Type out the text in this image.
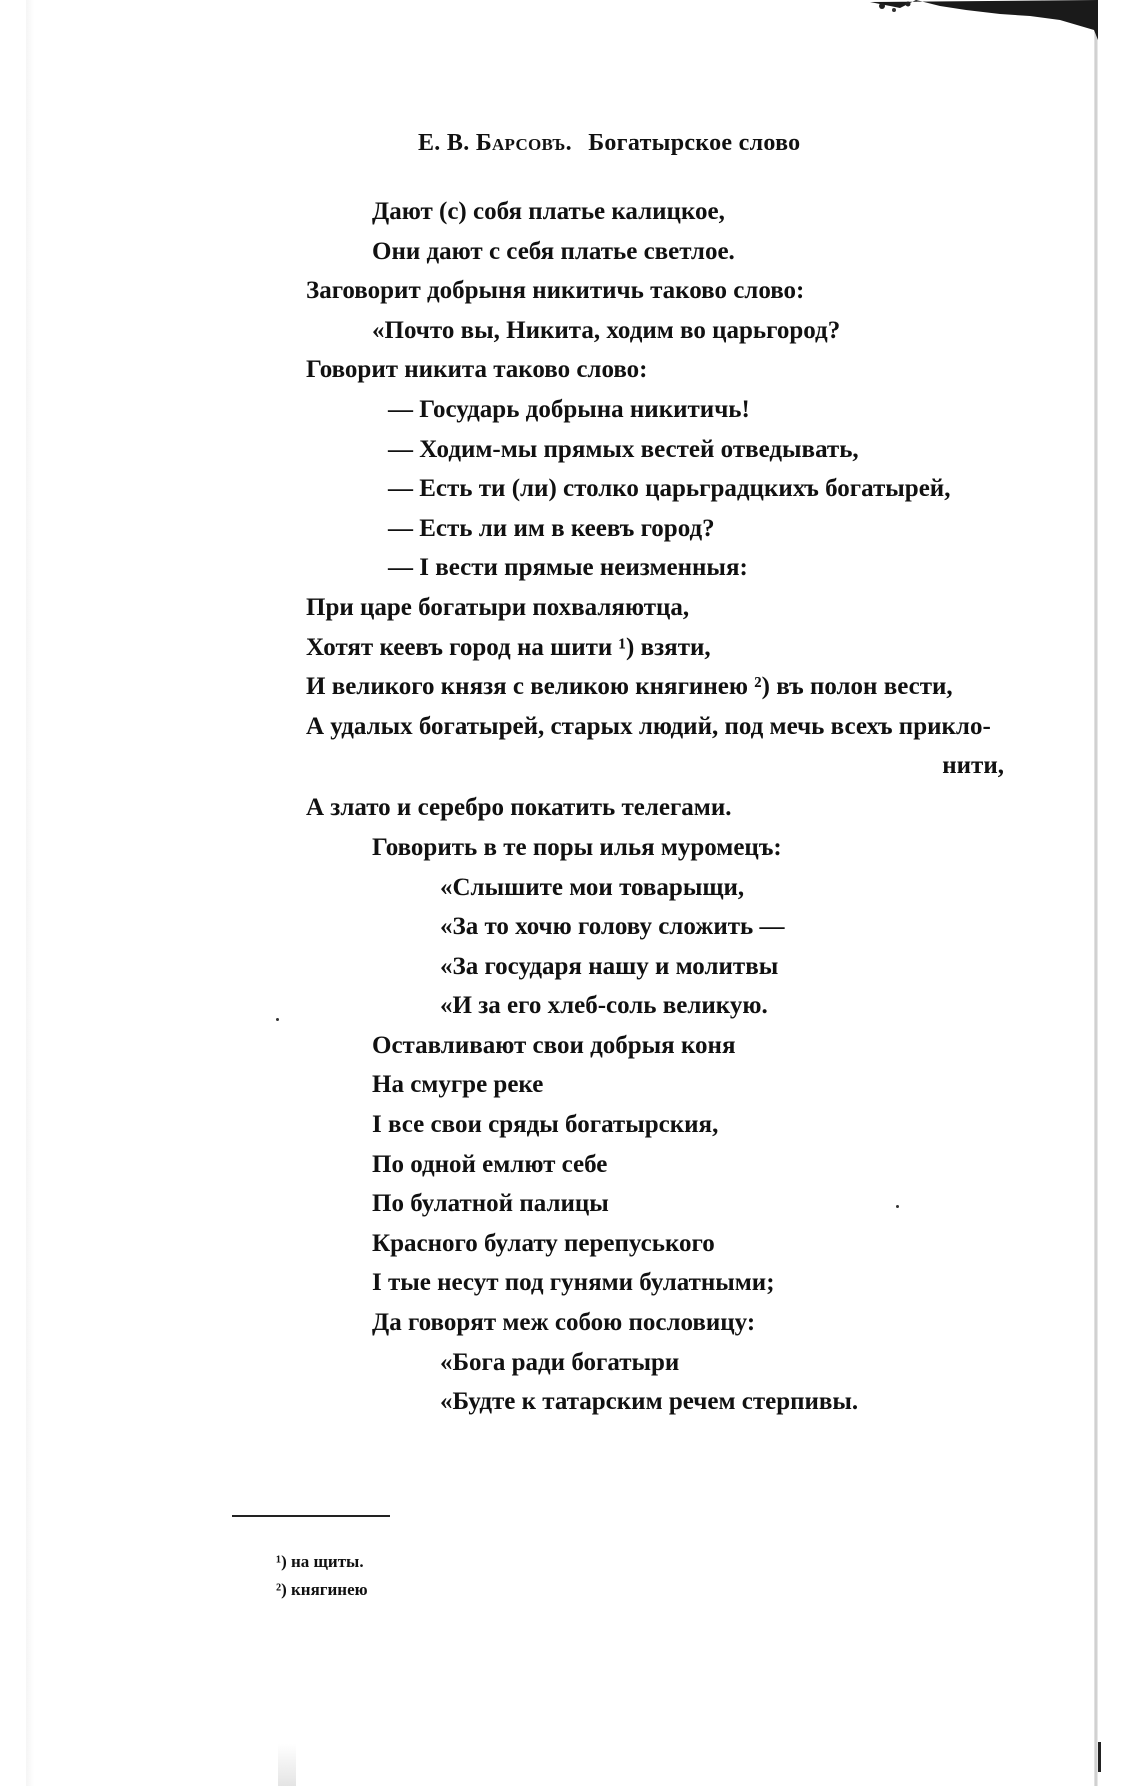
Е. В. Барсовъ. Богатырское слово
Дают (с) собя платье калицкое,
Они дают с себя платье светлое.
Заговорит добрыня никитичь таково слово:
«Почто вы, Никита, ходим во царьгород?
Говорит никита таково слово:
— Государь добрына никитичь!
— Ходим-мы прямых вестей отведывать,
— Есть ти (ли) столко царьградцкихъ богатырей,
— Есть ли им в кеевъ город?
— I вести прямые неизменныя:
При царе богатыри похваляютца,
Хотят кеевъ город на шити ¹) взяти,
И великого князя с великою княгинею ²) въ полон вести,
А удалых богатырей, старых людий, под мечь всехъ прикло-
нити,
А злато и серебро покатить телегами.
Говорить в те поры илья муромецъ:
«Слышите мои товарыщи,
«За то хочю голову сложить —
«За государя нашу и молитвы
«И за его хлеб-соль великую.
Оставливают свои добрыя коня
На смугре реке
I все свои сряды богатырския,
По одной емлют себе
По булатной палицы
Красного булату перепуського
I тые несут под гунями булатными;
Да говорят меж собою пословицу:
«Бога ради богатыри
«Будте к татарским речем стерпивы.
¹) на щиты.
²) княгинею
